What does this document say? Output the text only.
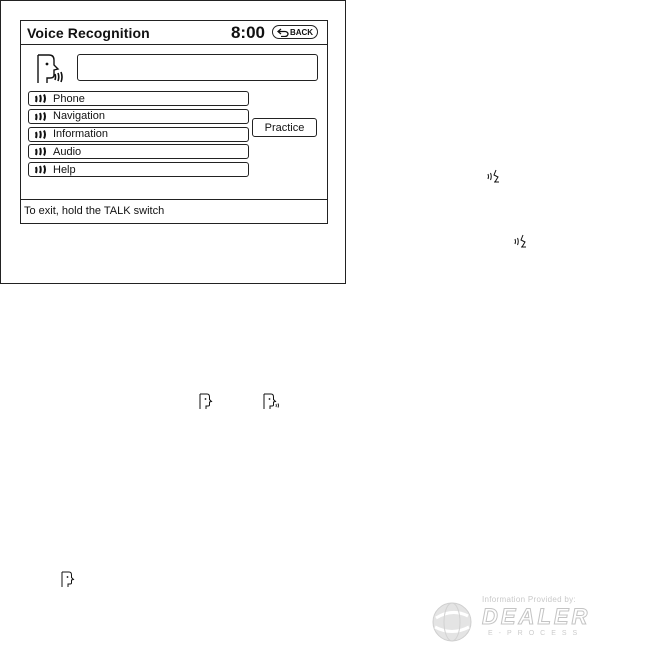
Voice Recognition	8:00	BACK
Phone
Navigation
Information
Audio
Help
Practice
To exit, hold the TALK switch
Information Provided by:
DEALER
E-PROCESS
